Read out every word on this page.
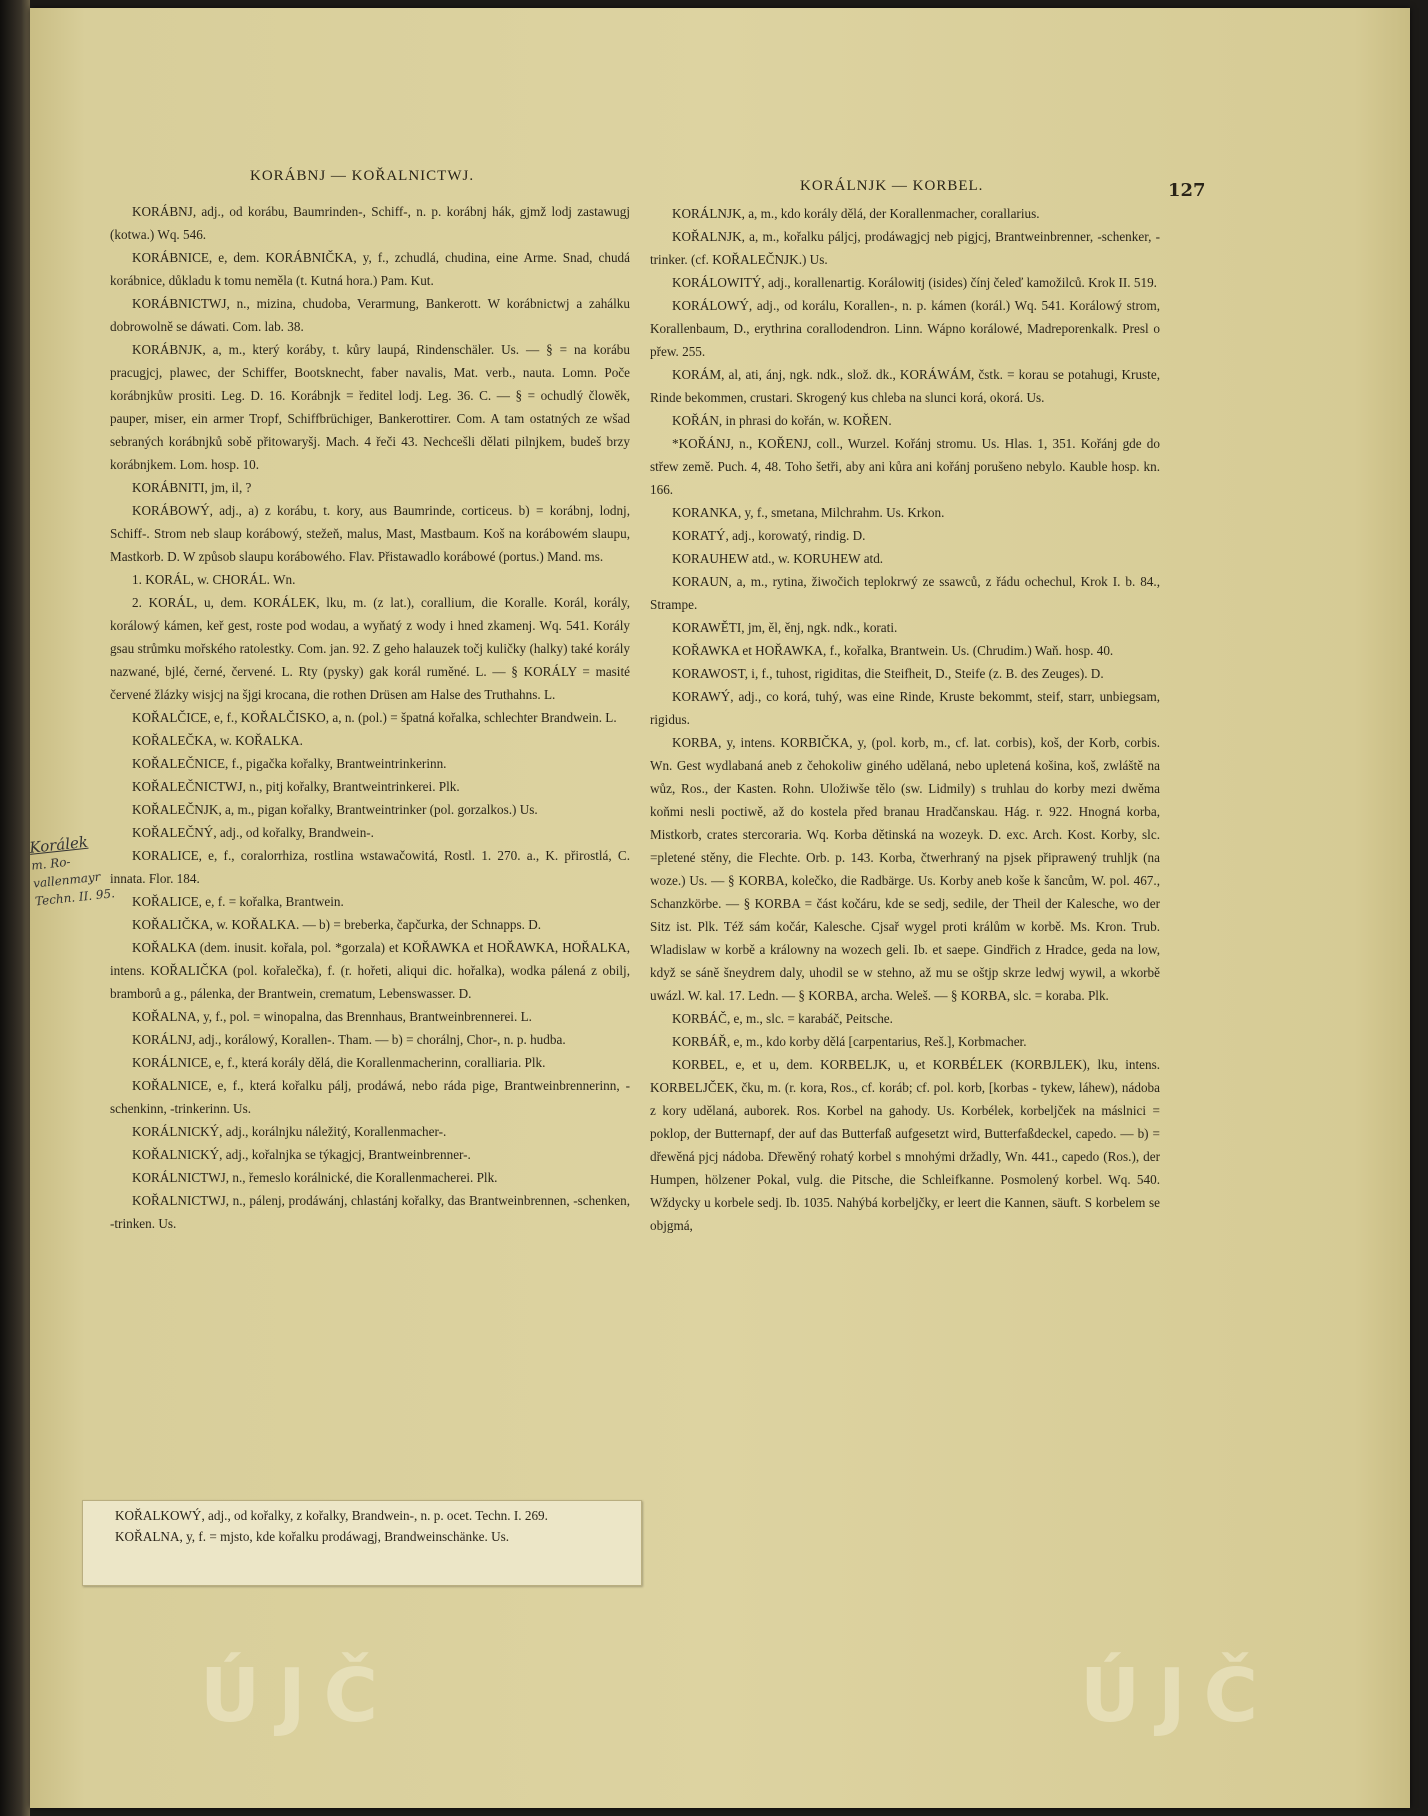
KORÁBNJ — KOŘALNICTWJ.
KORÁLNJK — KORBEL.	127

KORÁBNJ, adj., od korábu, Baumrinden-, Schiff-, n. p. korábnj hák, gjmž lodj zastawugj (kotwa.) Wq. 546.

KORÁBNICE, e, dem. KORÁBNIČKA, y, f., zchudlá, chudina, eine Arme. Snad, chudá korábnice, důkladu k tomu neměla (t. Kutná hora.) Pam. Kut.

KORÁBNICTWJ, n., mizina, chudoba, Verarmung, Bankerott. W korábnictwj a zahálku dobrowolně se dáwati. Com. lab. 38.

KORÁBNJK, a, m., který koráby, t. kůry laupá, Rindenschäler. Us. — § = na korábu pracugjcj, plawec, der Schiffer, Bootsknecht, faber navalis, Mat. verb., nauta. Lomn. Poče korábnjkůw prositi. Leg. D. 16. Korábnjk = ředitel lodj. Leg. 36. C. — § = ochudlý člowěk, pauper, miser, ein armer Tropf, Schiffbrüchiger, Bankerottirer. Com. A tam ostatných ze wšad sebraných korábnjků sobě přitowaryšj. Mach. 4 řeči 43. Nechcešli dělati pilnjkem, budeš brzy korábnjkem. Lom. hosp. 10.

KORÁBNITI, jm, il, ?

KORÁBOWÝ, adj., a) z korábu, t. kory, aus Baumrinde, corticeus. b) = korábnj, lodnj, Schiff-. Strom neb slaup korábowý, stežeň, malus, Mast, Mastbaum. Koš na korábowém slaupu, Mastkorb. D. W způsob slaupu korábowého. Flav. Přistawadlo korábowé (portus.) Mand. ms.

1. KORÁL, w. CHORÁL. Wn.

2. KORÁL, u, dem. KORÁLEK, lku, m. (z lat.), corallium, die Koralle. Korál, korály, korálowý kámen, keř gest, roste pod wodau, a wyňatý z wody i hned zkamenj. Wq. 541. Korály gsau strůmku mořského ratolestky. Com. jan. 92. Z geho halauzek točj kuličky (halky) také korály nazwané, bjlé, černé, červené. L. Rty (pysky) gak korál ruměné. L. — § KORÁLY = masité červené žlázky wisjcj na šjgi krocana, die rothen Drüsen am Halse des Truthahns. L.

KOŘALČICE, e, f., KOŘALČISKO, a, n. (pol.) = špatná kořalka, schlechter Brandwein. L.

KOŘALEČKA, w. KOŘALKA.

KOŘALEČNICE, f., pigačka kořalky, Brantweintrinkerinn.

KOŘALEČNICTWJ, n., pitj kořalky, Brantweintrinkerei. Plk.

KOŘALEČNJK, a, m., pigan kořalky, Brantweintrinker (pol. gorzalkos.) Us.

KOŘALEČNÝ, adj., od kořalky, Brandwein-.

KORALICE, e, f., coralorrhiza, rostlina wstawačowitá, Rostl. 1. 270. a., K. přirostlá, C. innata. Flor. 184.

KOŘALICE, e, f. = kořalka, Brantwein.

KOŘALIČKA, w. KOŘALKA. — b) = breberka, čapčurka, der Schnapps. D.

KOŘALKA (dem. inusit. kořala, pol. *gorzala) et KOŘAWKA et HOŘAWKA, HOŘALKA, intens. KOŘALIČKA (pol. kořalečka), f. (r. hořeti, aliqui dic. hořalka), wodka pálená z obilj, bramborů a g., pálenka, der Brantwein, crematum, Lebenswasser. D.

KOŘALNA, y, f., pol. = winopalna, das Brennhaus, Brantweinbrennerei. L.

KORÁLNJ, adj., korálowý, Korallen-. Tham. — b) = chorálnj, Chor-, n. p. hudba.

KORÁLNICE, e, f., která korály dělá, die Korallenmacherinn, coralliaria. Plk.

KOŘALNICE, e, f., která kořalku pálj, prodáwá, nebo ráda pige, Brantweinbrennerinn, -schenkinn, -trinkerinn. Us.

KORÁLNICKÝ, adj., korálnjku náležitý, Korallenmacher-.

KOŘALNICKÝ, adj., kořalnjka se týkagjcj, Brantweinbrenner-.

KORÁLNICTWJ, n., řemeslo korálnické, die Korallenmacherei. Plk.

KOŘALNICTWJ, n., pálenj, prodáwánj, chlastánj kořalky, das Brantweinbrennen, -schenken, -trinken. Us.

KORÁLNJK, a, m., kdo korály dělá, der Korallenmacher, corallarius.

KOŘALNJK, a, m., kořalku páljcj, prodáwagjcj neb pigjcj, Brantweinbrenner, -schenker, -trinker. (cf. KOŘALEČNJK.) Us.

KORÁLOWITÝ, adj., korallenartig. Korálowitj (isides) čínj čeleď kamožilců. Krok II. 519.

KORÁLOWÝ, adj., od korálu, Korallen-, n. p. kámen (korál.) Wq. 541. Korálowý strom, Korallenbaum, D., erythrina corallodendron. Linn. Wápno korálowé, Madreporenkalk. Presl o přew. 255.

KORÁM, al, ati, ánj, ngk. ndk., slož. dk., KORÁWÁM, čstk. = korau se potahugi, Kruste, Rinde bekommen, crustari. Skrogený kus chleba na slunci korá, okorá. Us.

KOŘÁN, in phrasi do kořán, w. KOŘEN.

*KOŘÁNJ, n., KOŘENJ, coll., Wurzel. Kořánj stromu. Us. Hlas. 1, 351. Kořánj gde do střew země. Puch. 4, 48. Toho šetři, aby ani kůra ani kořánj porušeno nebylo. Kauble hosp. kn. 166.

KORANKA, y, f., smetana, Milchrahm. Us. Krkon.

KORATÝ, adj., korowatý, rindig. D.

KORAUHEW atd., w. KORUHEW atd.

KORAUN, a, m., rytina, žiwočich teplokrwý ze ssawců, z řádu ochechul, Krok I. b. 84., Strampe.

KORAWĚTI, jm, ěl, ěnj, ngk. ndk., korati.

KOŘAWKA et HOŘAWKA, f., kořalka, Brantwein. Us. (Chrudim.) Waň. hosp. 40.

KORAWOST, i, f., tuhost, rigiditas, die Steifheit, D., Steife (z. B. des Zeuges). D.

KORAWÝ, adj., co korá, tuhý, was eine Rinde, Kruste bekommt, steif, starr, unbiegsam, rigidus.

KORBA, y, intens. KORBIČKA, y, (pol. korb, m., cf. lat. corbis), koš, der Korb, corbis. Wn. Gest wydlabaná aneb z čehokoliw giného udělaná, nebo upletená košina, koš, zwláště na wůz, Ros., der Kasten. Rohn. Uložiwše tělo (sw. Lidmily) s truhlau do korby mezi dwěma koňmi nesli poctiwě, až do kostela před branau Hradčanskau. Hág. r. 922. Hnogná korba, Mistkorb, crates stercoraria. Wq. Korba dětinská na wozeyk. D. exc. Arch. Kost. Korby, slc. =pletené stěny, die Flechte. Orb. p. 143. Korba, čtwerhraný na pjsek připrawený truhljk (na woze.) Us. — § KORBA, kolečko, die Radbärge. Us. Korby aneb koše k šancům, W. pol. 467., Schanzkörbe. — § KORBA = část kočáru, kde se sedj, sedile, der Theil der Kalesche, wo der Sitz ist. Plk. Též sám kočár, Kalesche. Cjsař wygel proti králům w korbě. Ms. Kron. Trub. Wladislaw w korbě a králowny na wozech geli. Ib. et saepe. Gindřich z Hradce, geda na low, když se sáně šneydrem daly, uhodil se w stehno, až mu se oštjp skrze ledwj wywil, a wkorbě uwázl. W. kal. 17. Ledn. — § KORBA, archa. Weleš. — § KORBA, slc. = koraba. Plk.

KORBÁČ, e, m., slc. = karabáč, Peitsche.

KORBÁŘ, e, m., kdo korby dělá [carpentarius, Reš.], Korbmacher.

KORBEL, e, et u, dem. KORBELJK, u, et KORBÉLEK (KORBJLEK), lku, intens. KORBELJČEK, čku, m. (r. kora, Ros., cf. koráb; cf. pol. korb, [korbas - tykew, láhew), nádoba z kory udělaná, auborek. Ros. Korbel na gahody. Us. Korbélek, korbeljček na máslnici = poklop, der Butternapf, der auf das Butterfaß aufgesetzt wird, Butterfaßdeckel, capedo. — b) = dřewěná pjcj nádoba. Dřewěný rohatý korbel s mnohými držadly, Wn. 441., capedo (Ros.), der Humpen, hölzener Pokal, vulg. die Pitsche, die Schleifkanne. Posmolený korbel. Wq. 540. Wždycky u korbele sedj. Ib. 1035. Nahýbá korbeljčky, er leert die Kannen, säuft. S korbelem se objgmá,

KOŘALKOWÝ, adj., od kořalky, z kořalky, Brandwein-, n. p. ocet. Techn. I. 269.

KOŘALNA, y, f. = mjsto, kde kořalku prodáwagj, Brandweinschänke. Us.

Korálek
m. Rovallenmayr Techn. II. 95.
ÚJČ	ÚJČ
